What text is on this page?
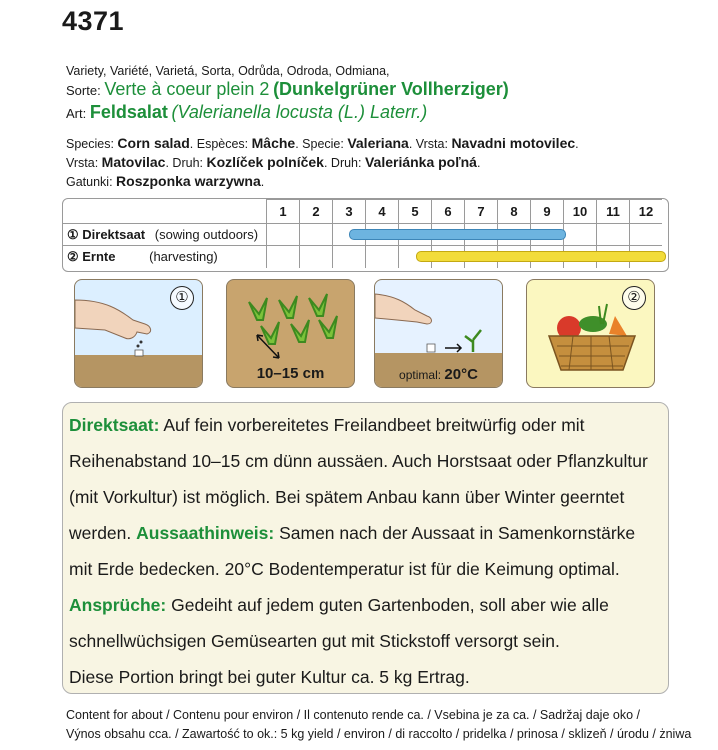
4371
Variety, Variété, Varietá, Sorta, Odrůda, Odroda, Odmiana,
Sorte: Verte à coeur plein 2 (Dunkelgrüner Vollherziger)
Art: Feldsalat (Valerianella locusta (L.) Laterr.)
Species: Corn salad. Espèces: Mâche. Specie: Valeriana. Vrsta: Navadni motovilec.
Vrsta: Matovilac. Druh: Kozlíček polníček. Druh: Valeriánka poľná.
Gatunki: Roszponka warzywna.
	1	2	3	4	5	6	7	8	9	10	11	12
① Direktsaat (sowing outdoors)												
② Ernte (harvesting)												
①
10–15 cm	optimal: 20°C
②
Direktsaat: Auf fein vorbereitetes Freilandbeet breitwürfig oder mit
Reihenabstand 10–15 cm dünn aussäen. Auch Horstsaat oder Pflanzkultur
(mit Vorkultur) ist möglich. Bei spätem Anbau kann über Winter geerntet
werden. Aussaathinweis: Samen nach der Aussaat in Samenkornstärke
mit Erde bedecken. 20°C Bodentemperatur ist für die Keimung optimal.
Ansprüche: Gedeiht auf jedem guten Gartenboden, soll aber wie alle
schnellwüchsigen Gemüsearten gut mit Stickstoff versorgt sein.
Diese Portion bringt bei guter Kultur ca. 5 kg Ertrag.
Content for about / Contenu pour environ / Il contenuto rende ca. / Vsebina je za ca. / Sadržaj daje oko /
Výnos obsahu cca. / Zawartość to ok.: 5 kg yield / environ / di raccolto / pridelka / prinosa / sklizeň / úrodu / żniwa
